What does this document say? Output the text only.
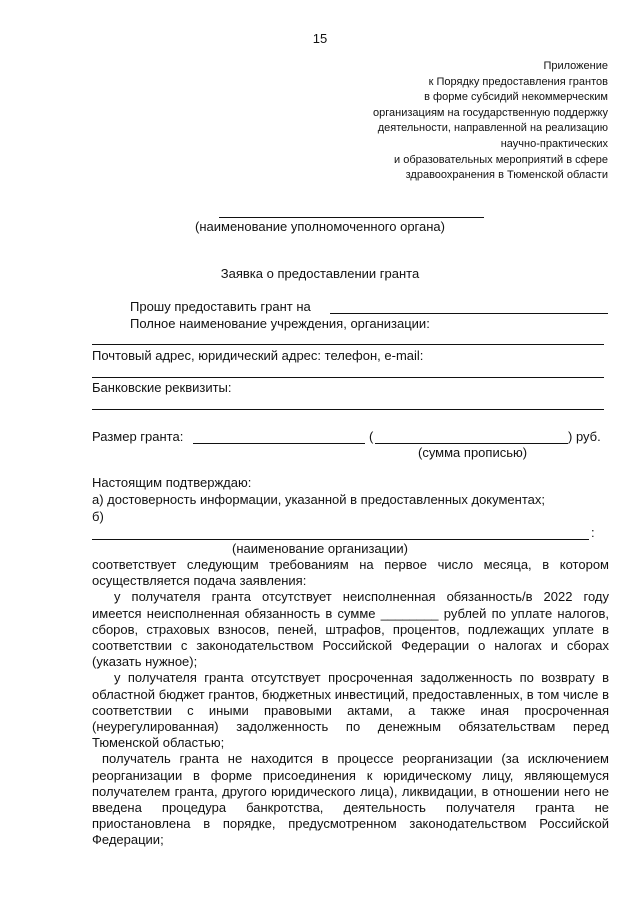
15
Приложение
к Порядку предоставления грантов
в форме субсидий некоммерческим
организациям на государственную поддержку
деятельности, направленной на реализацию
научно-практических
и образовательных мероприятий в сфере
здравоохранения в Тюменской области
(наименование уполномоченного органа)
Заявка о предоставлении гранта
Прошу предоставить грант на
Полное наименование учреждения, организации:
Почтовый адрес, юридический адрес: телефон, e-mail:
Банковские реквизиты:
Размер гранта:	(	) руб.
(сумма прописью)
Настоящим подтверждаю:
а) достоверность информации, указанной в предоставленных документах;
б)
:
(наименование организации)

соответствует следующим требованиям на первое число месяца, в котором осуществляется подача заявления:

у получателя гранта отсутствует неисполненная обязанность/в 2022 году имеется неисполненная обязанность в сумме ________ рублей по уплате налогов, сборов, страховых взносов, пеней, штрафов, процентов, подлежащих уплате в соответствии с законодательством Российской Федерации о налогах и сборах (указать нужное);

у получателя гранта отсутствует просроченная задолженность по возврату в областной бюджет грантов, бюджетных инвестиций, предоставленных, в том числе в соответствии с иными правовыми актами, а также иная просроченная (неурегулированная) задолженность по денежным обязательствам перед Тюменской областью;

получатель гранта не находится в процессе реорганизации (за исключением реорганизации в форме присоединения к юридическому лицу, являющемуся получателем гранта, другого юридического лица), ликвидации, в отношении него не введена процедура банкротства, деятельность получателя гранта не приостановлена в порядке, предусмотренном законодательством Российской Федерации;
